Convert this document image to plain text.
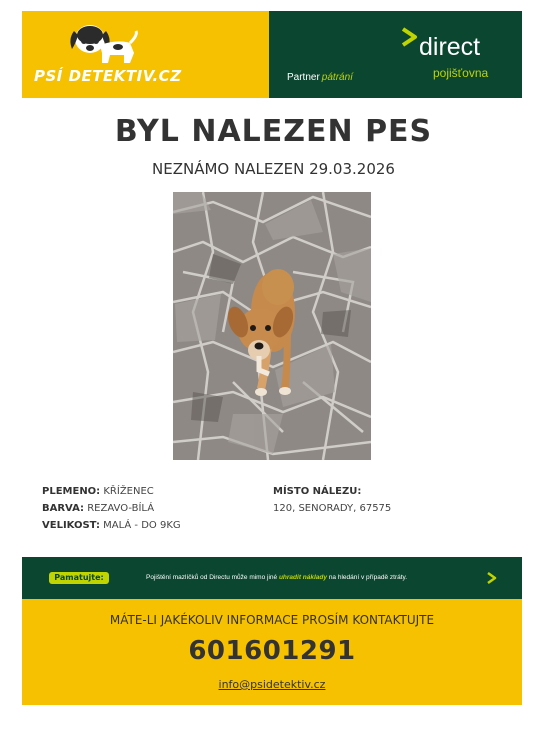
PSÍ DETEKTIV.CZ	Partner pátrání
direct
pojišťovna
BYL NALEZEN PES
NEZNÁMO NALEZEN 29.03.2026
PLEMENO: KŘÍŽENEC
BARVA: REZAVO-BÍLÁ
VELIKOST: MALÁ - DO 9KG
MÍSTO NÁLEZU:
120, SENORADY, 67575
Pamatujte:	Pojištění mazlíčků od Directu může mimo jiné uhradit náklady na hledání v případě ztráty.
MÁTE-LI JAKÉKOLIV INFORMACE PROSÍM KONTAKTUJTE
601601291
info@psidetektiv.cz
